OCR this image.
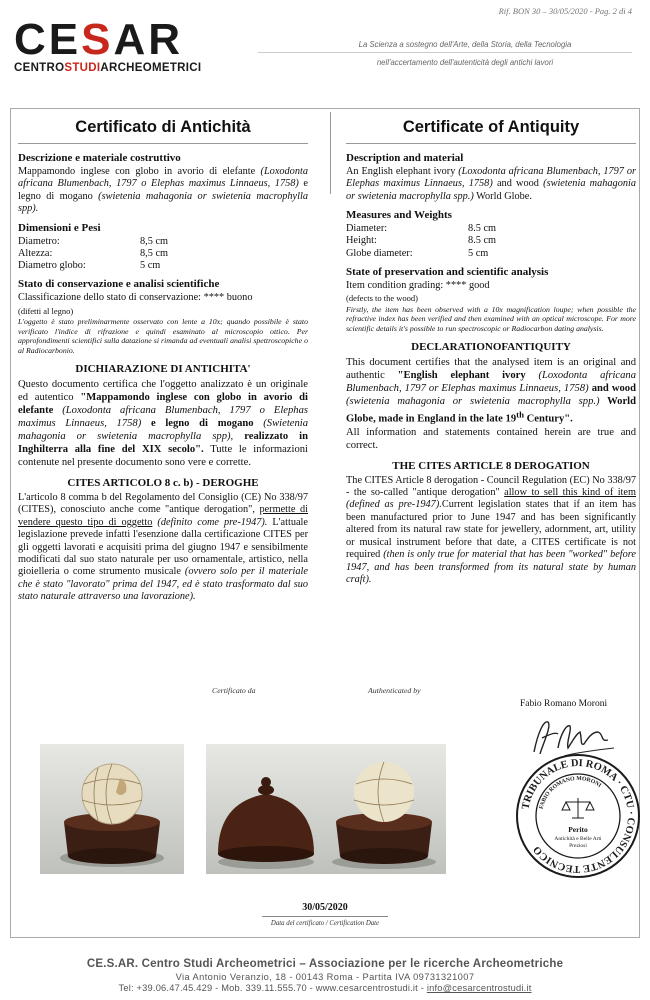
Rif. BON 30 – 30/05/2020 - Pag. 2 di 4
CESAR
CENTROSTUDIARCHEOMETRICI
La Scienza a sostegno dell'Arte, della Storia, della Tecnologia
nell'accertamento dell'autenticità degli antichi lavori
Certificato di Antichità
Descrizione e materiale costruttivo
Mappamondo inglese con globo in avorio di elefante (Loxodonta africana Blumenbach, 1797 o Elephas maximus Linnaeus, 1758) e legno di mogano (swietenia mahagonia or swietenia macrophylla spp).
Dimensioni e Pesi
Diametro:	8,5 cm
Altezza:	8,5 cm
Diametro globo:	5 cm
Stato di conservazione e analisi scientifiche
Classificazione dello stato di conservazione: **** buono
(difetti al legno)
L'oggetto è stato preliminarmente osservato con lente a 10x; quando possibile è stato verificato l'indice di rifrazione e quindi esaminato al microscopio ottico. Per approfondimenti scientifici sulla datazione si rimanda ad eventuali analisi spettroscopiche o al Radiocarbonio.
DICHIARAZIONE DI ANTICHITA'
Questo documento certifica che l'oggetto analizzato è un originale ed autentico "Mappamondo inglese con globo in avorio di elefante (Loxodonta africana Blumenbach, 1797 o Elephas maximus Linnaeus, 1758) e legno di mogano (Swietenia mahagonia or swietenia macrophylla spp), realizzato in Inghilterra alla fine del XIX secolo". Tutte le informazioni contenute nel presente documento sono vere e corrette.
CITES ARTICOLO 8 c. b) - DEROGHE
L'articolo 8 comma b del Regolamento del Consiglio (CE) No 338/97 (CITES), conosciuto anche come "antique derogation", permette di vendere questo tipo di oggetto (definito come pre-1947). L'attuale legislazione prevede infatti l'esenzione dalla certificazione CITES per gli oggetti lavorati e acquisiti prima del giugno 1947 e sensibilmente modificati dal suo stato naturale per uso ornamentale, artistico, nella gioielleria o come strumento musicale (ovvero solo per il materiale che è stato "lavorato" prima del 1947, ed è stato trasformato dal suo stato naturale attraverso una lavorazione).
Certificate of Antiquity
Description and material
An English elephant ivory (Loxodonta africana Blumenbach, 1797 or Elephas maximus Linnaeus, 1758) and wood (swietenia mahagonia or swietenia macrophylla spp.) World Globe.
Measures and Weights
Diameter:	8.5 cm
Height:	8.5 cm
Globe diameter:	5 cm
State of preservation and scientific analysis
Item condition grading: **** good
(defects to the wood)
Firstly, the item has been observed with a 10x magnification loupe; when possible the refractive index has been verified and then examined with an optical microscope. For more scientific details it's possible to run spectroscopic or Radiocarbon dating analysis.
DECLARATIONOFANTIQUITY
This document certifies that the analysed item is an original and authentic "English elephant ivory (Loxodonta africana Blumenbach, 1797 or Elephas maximus Linnaeus, 1758) and wood (swietenia mahagonia or swietenia macrophylla spp.) World Globe, made in England in the late 19th Century".
All information and statements contained herein are true and correct.
THE CITES ARTICLE 8 DEROGATION
The CITES Article 8 derogation - Council Regulation (EC) No 338/97 - the so-called "antique derogation" allow to sell this kind of item (defined as pre-1947).Current legislation states that if an item has been manufactured prior to June 1947 and has been significantly altered from its natural raw state for jewellery, adornment, art, utility or musical instrument before that date, a CITES certificate is not required (then is only true for material that has been "worked" before 1947, and has been transformed from its natural state by human craft).
Certificato da	Authenticated by
Fabio Romano Moroni
TRIBUNALE DI ROMA · CTU · CONSULENTE TECNICO
FABIO ROMANO MORONI
Perito
Antichità e Belle Arti
Preziosi
30/05/2020
Data del certificato / Certification Date
CE.S.AR. Centro Studi Archeometrici – Associazione per le ricerche Archeometriche
Via Antonio Veranzio, 18 - 00143 Roma - Partita IVA 09731321007
Tel: +39.06.47.45.429 - Mob. 339.11.555.70 - www.cesarcentrostudi.it - info@cesarcentrostudi.it
